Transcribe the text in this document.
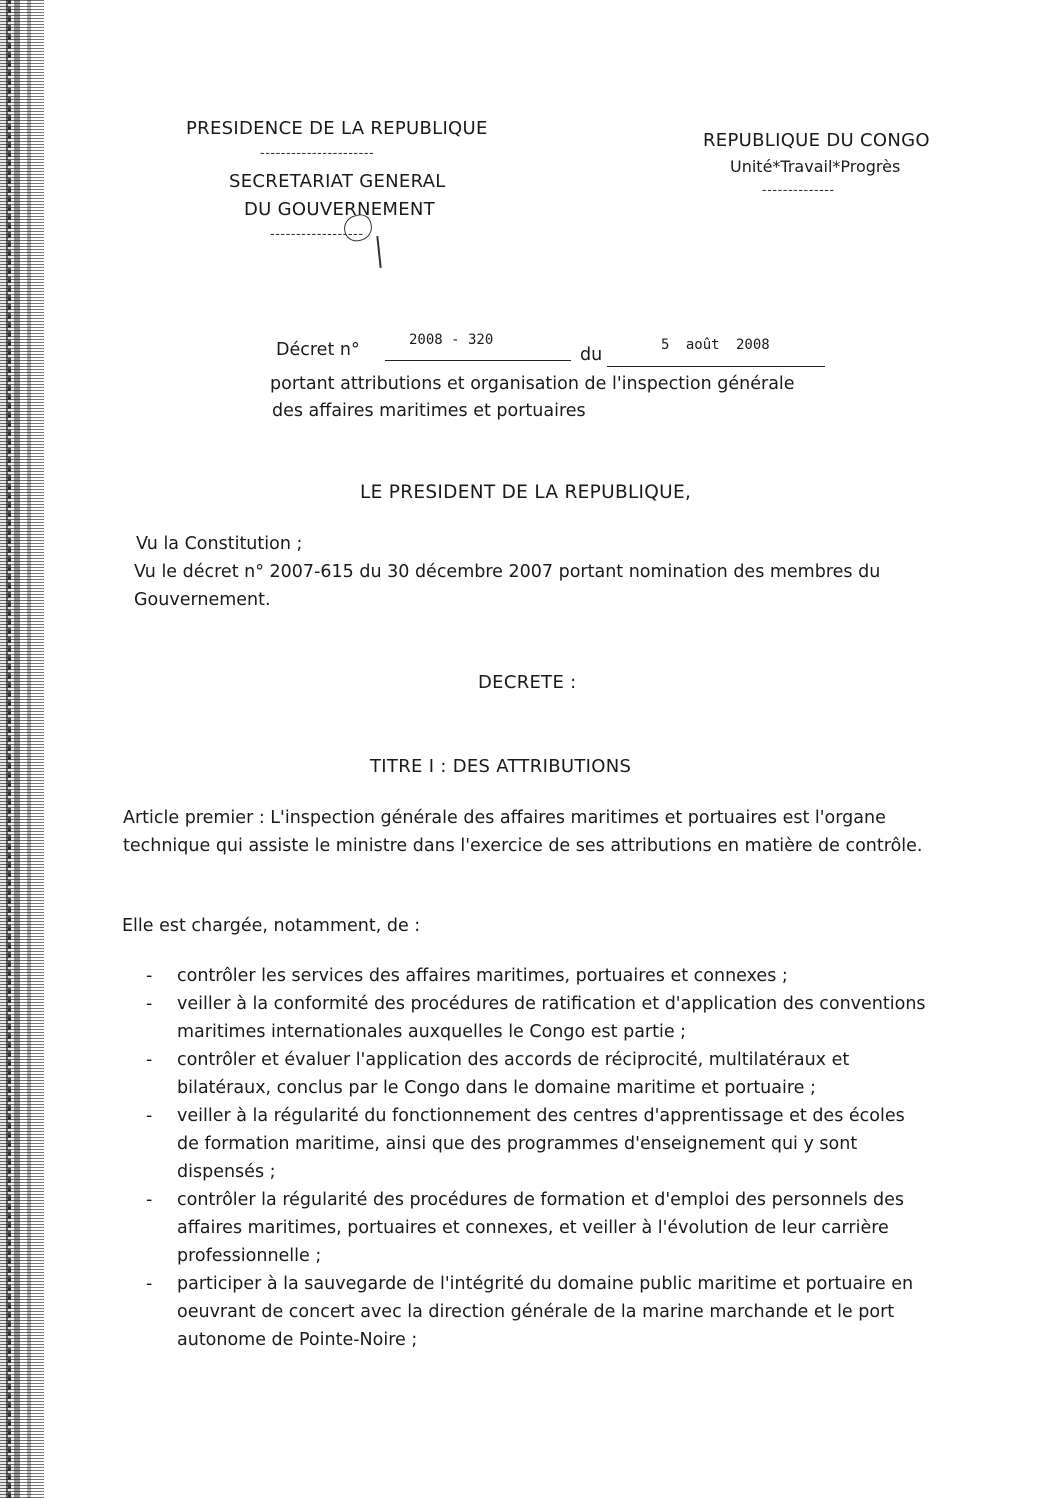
PRESIDENCE DE LA REPUBLIQUE
----------------------
SECRETARIAT GENERAL
DU GOUVERNEMENT
------------------
REPUBLIQUE DU CONGO
Unité*Travail*Progrès
--------------
Décret n°	2008 - 320
du	5 août 2008
portant attributions et organisation de l'inspection générale
des affaires maritimes et portuaires
LE PRESIDENT DE LA REPUBLIQUE,
Vu la Constitution ;
Vu le décret n° 2007-615 du 30 décembre 2007 portant nomination des membres du Gouvernement.
DECRETE :
TITRE I : DES ATTRIBUTIONS
Article premier : L'inspection générale des affaires maritimes et portuaires est l'organe technique qui assiste le ministre dans l'exercice de ses attributions en matière de contrôle.
Elle est chargée, notamment, de :
- contrôler les services des affaires maritimes, portuaires et connexes ;
- veiller à la conformité des procédures de ratification et d'application des conventions maritimes internationales auxquelles le Congo est partie ;
- contrôler et évaluer l'application des accords de réciprocité, multilatéraux et bilatéraux, conclus par le Congo dans le domaine maritime et portuaire ;
- veiller à la régularité du fonctionnement des centres d'apprentissage et des écoles de formation maritime, ainsi que des programmes d'enseignement qui y sont dispensés ;
- contrôler la régularité des procédures de formation et d'emploi des personnels des affaires maritimes, portuaires et connexes, et veiller à l'évolution de leur carrière professionnelle ;
- participer à la sauvegarde de l'intégrité du domaine public maritime et portuaire en oeuvrant de concert avec la direction générale de la marine marchande et le port autonome de Pointe-Noire ;
